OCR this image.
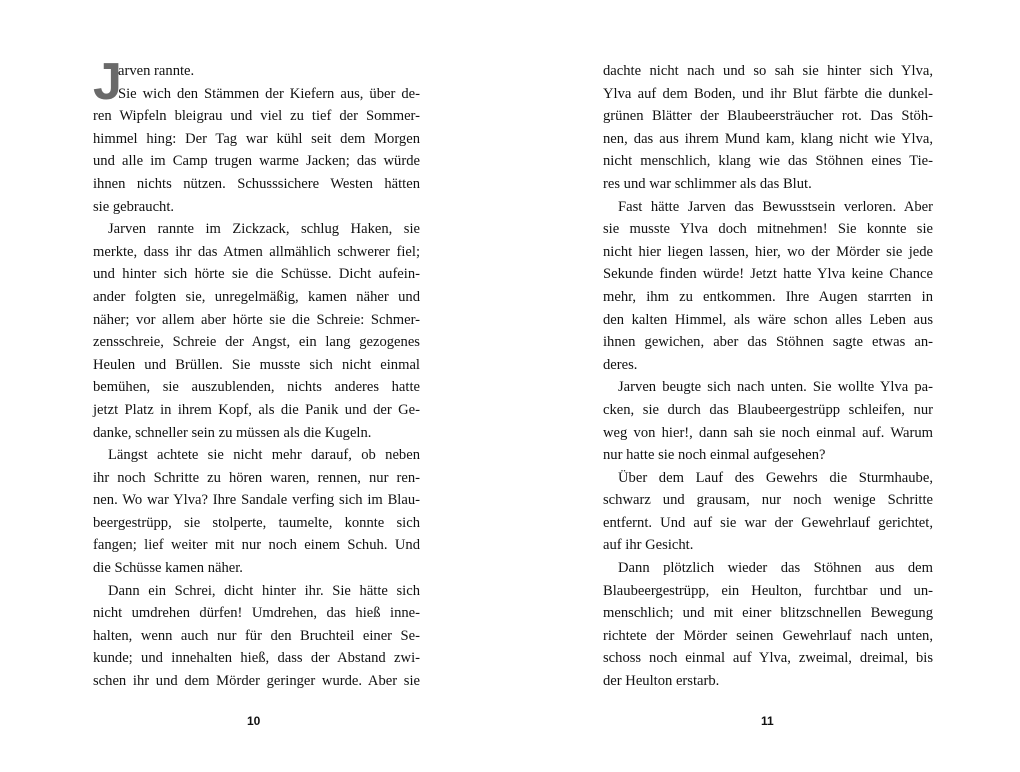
J
arven rannte.
Sie wich den Stämmen der Kiefern aus, über de-
ren Wipfeln bleigrau und viel zu tief der Sommer-
himmel hing: Der Tag war kühl seit dem Morgen
und alle im Camp trugen warme Jacken; das würde
ihnen nichts nützen. Schusssichere Westen hätten
sie gebraucht.
Jarven rannte im Zickzack, schlug Haken, sie
merkte, dass ihr das Atmen allmählich schwerer fiel;
und hinter sich hörte sie die Schüsse. Dicht aufein-
ander folgten sie, unregelmäßig, kamen näher und
näher; vor allem aber hörte sie die Schreie: Schmer-
zensschreie, Schreie der Angst, ein lang gezogenes
Heulen und Brüllen. Sie musste sich nicht einmal
bemühen, sie auszublenden, nichts anderes hatte
jetzt Platz in ihrem Kopf, als die Panik und der Ge-
danke, schneller sein zu müssen als die Kugeln.
Längst achtete sie nicht mehr darauf, ob neben
ihr noch Schritte zu hören waren, rennen, nur ren-
nen. Wo war Ylva? Ihre Sandale verfing sich im Blau-
beergestrüpp, sie stolperte, taumelte, konnte sich
fangen; lief weiter mit nur noch einem Schuh. Und
die Schüsse kamen näher.
Dann ein Schrei, dicht hinter ihr. Sie hätte sich
nicht umdrehen dürfen! Umdrehen, das hieß inne-
halten, wenn auch nur für den Bruchteil einer Se-
kunde; und innehalten hieß, dass der Abstand zwi-
schen ihr und dem Mörder geringer wurde. Aber sie
10
dachte nicht nach und so sah sie hinter sich Ylva,
Ylva auf dem Boden, und ihr Blut färbte die dunkel-
grünen Blätter der Blaubeersträucher rot. Das Stöh-
nen, das aus ihrem Mund kam, klang nicht wie Ylva,
nicht menschlich, klang wie das Stöhnen eines Tie-
res und war schlimmer als das Blut.
Fast hätte Jarven das Bewusstsein verloren. Aber
sie musste Ylva doch mitnehmen! Sie konnte sie
nicht hier liegen lassen, hier, wo der Mörder sie jede
Sekunde finden würde! Jetzt hatte Ylva keine Chance
mehr, ihm zu entkommen. Ihre Augen starrten in
den kalten Himmel, als wäre schon alles Leben aus
ihnen gewichen, aber das Stöhnen sagte etwas an-
deres.
Jarven beugte sich nach unten. Sie wollte Ylva pa-
cken, sie durch das Blaubeergestrüpp schleifen, nur
weg von hier!, dann sah sie noch einmal auf. Warum
nur hatte sie noch einmal aufgesehen?
Über dem Lauf des Gewehrs die Sturmhaube,
schwarz und grausam, nur noch wenige Schritte
entfernt. Und auf sie war der Gewehrlauf gerichtet,
auf ihr Gesicht.
Dann plötzlich wieder das Stöhnen aus dem
Blaubeergestrüpp, ein Heulton, furchtbar und un-
menschlich; und mit einer blitzschnellen Bewegung
richtete der Mörder seinen Gewehrlauf nach unten,
schoss noch einmal auf Ylva, zweimal, dreimal, bis
der Heulton erstarb.
11
